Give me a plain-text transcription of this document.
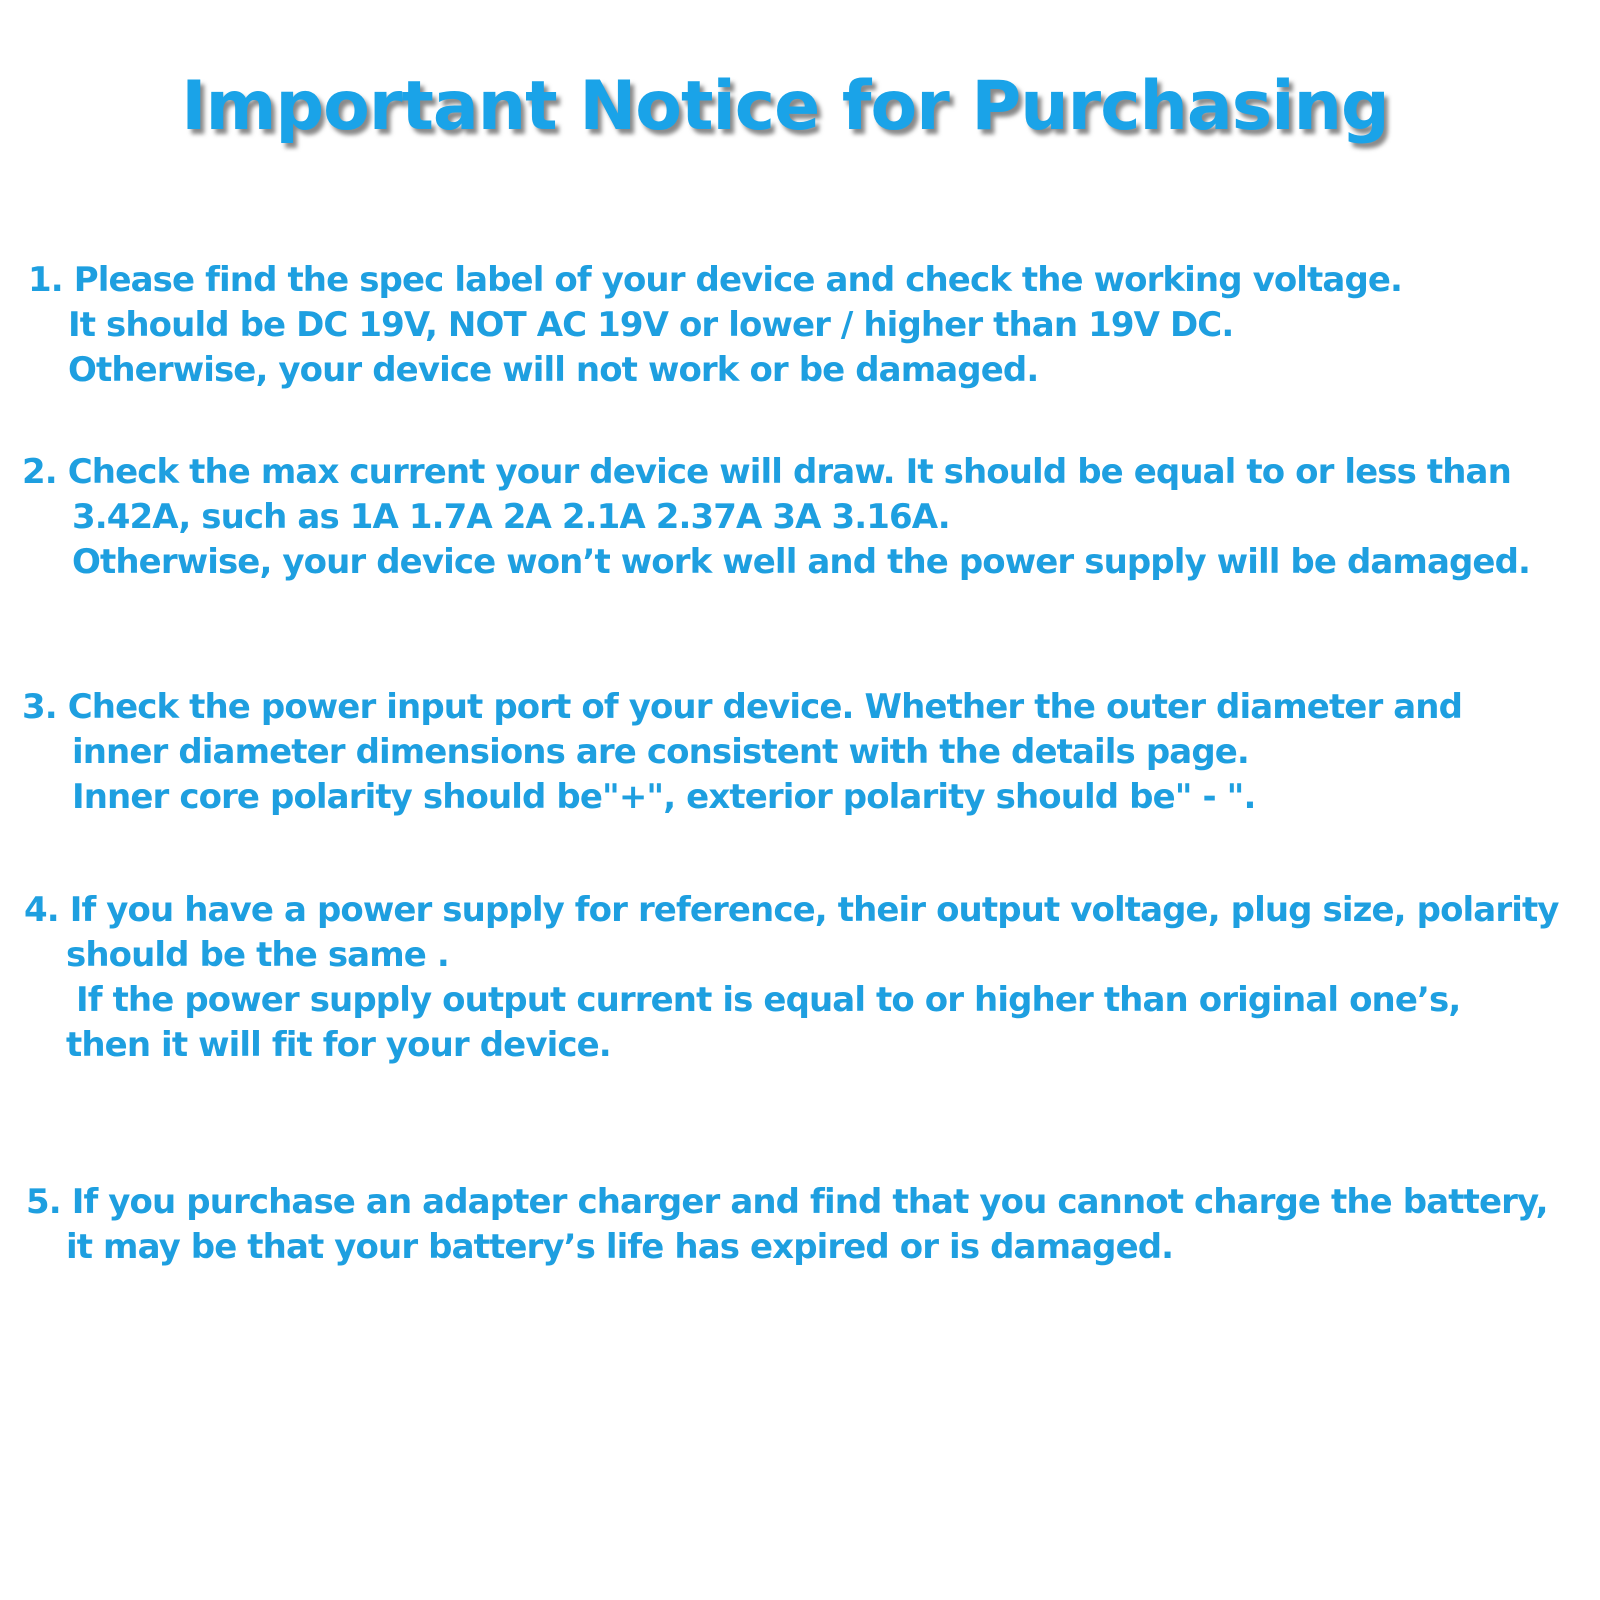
Important Notice for Purchasing
1. Please find the spec label of your device and check the working voltage.
It should be DC 19V, NOT AC 19V or lower / higher than 19V DC.
Otherwise, your device will not work or be damaged.
2. Check the max current your device will draw. It should be equal to or less than
3.42A, such as 1A 1.7A 2A 2.1A 2.37A 3A 3.16A.
Otherwise, your device won’t work well and the power supply will be damaged.
3. Check the power input port of your device. Whether the outer diameter and
inner diameter dimensions are consistent with the details page.
Inner core polarity should be"+", exterior polarity should be" - ".
4. If you have a power supply for reference, their output voltage, plug size, polarity
should be the same .
If the power supply output current is equal to or higher than original one’s,
then it will fit for your device.
5. If you purchase an adapter charger and find that you cannot charge the battery,
it may be that your battery’s life has expired or is damaged.
